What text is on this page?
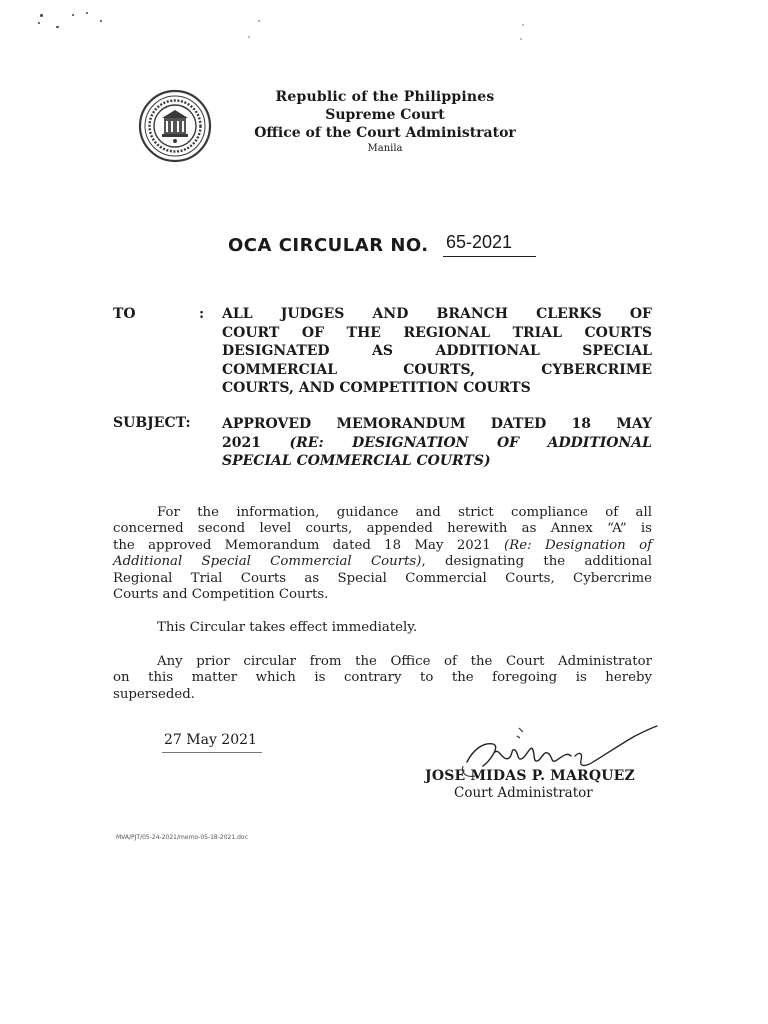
Republic of the Philippines
Supreme Court
Office of the Court Administrator
Manila
OCA CIRCULAR NO. 65-2021
TO	: ALL JUDGES AND BRANCH CLERKS OF
COURT OF THE REGIONAL TRIAL COURTS
DESIGNATED AS ADDITIONAL SPECIAL
COMMERCIAL COURTS, CYBERCRIME
COURTS, AND COMPETITION COURTS
SUBJECT: APPROVED MEMORANDUM DATED 18 MAY
2021 (RE: DESIGNATION OF ADDITIONAL
SPECIAL COMMERCIAL COURTS)
For the information, guidance and strict compliance of all
concerned second level courts, appended herewith as Annex “A” is
the approved Memorandum dated 18 May 2021 (Re: Designation of
Additional Special Commercial Courts), designating the additional
Regional Trial Courts as Special Commercial Courts, Cybercrime
Courts and Competition Courts.
This Circular takes effect immediately.
Any prior circular from the Office of the Court Administrator
on this matter which is contrary to the foregoing is hereby
superseded.
27 May 2021
JOSE MIDAS P. MARQUEZ
Court Administrator
MVA/PJT/05-24-2021/memo-05-18-2021.doc
